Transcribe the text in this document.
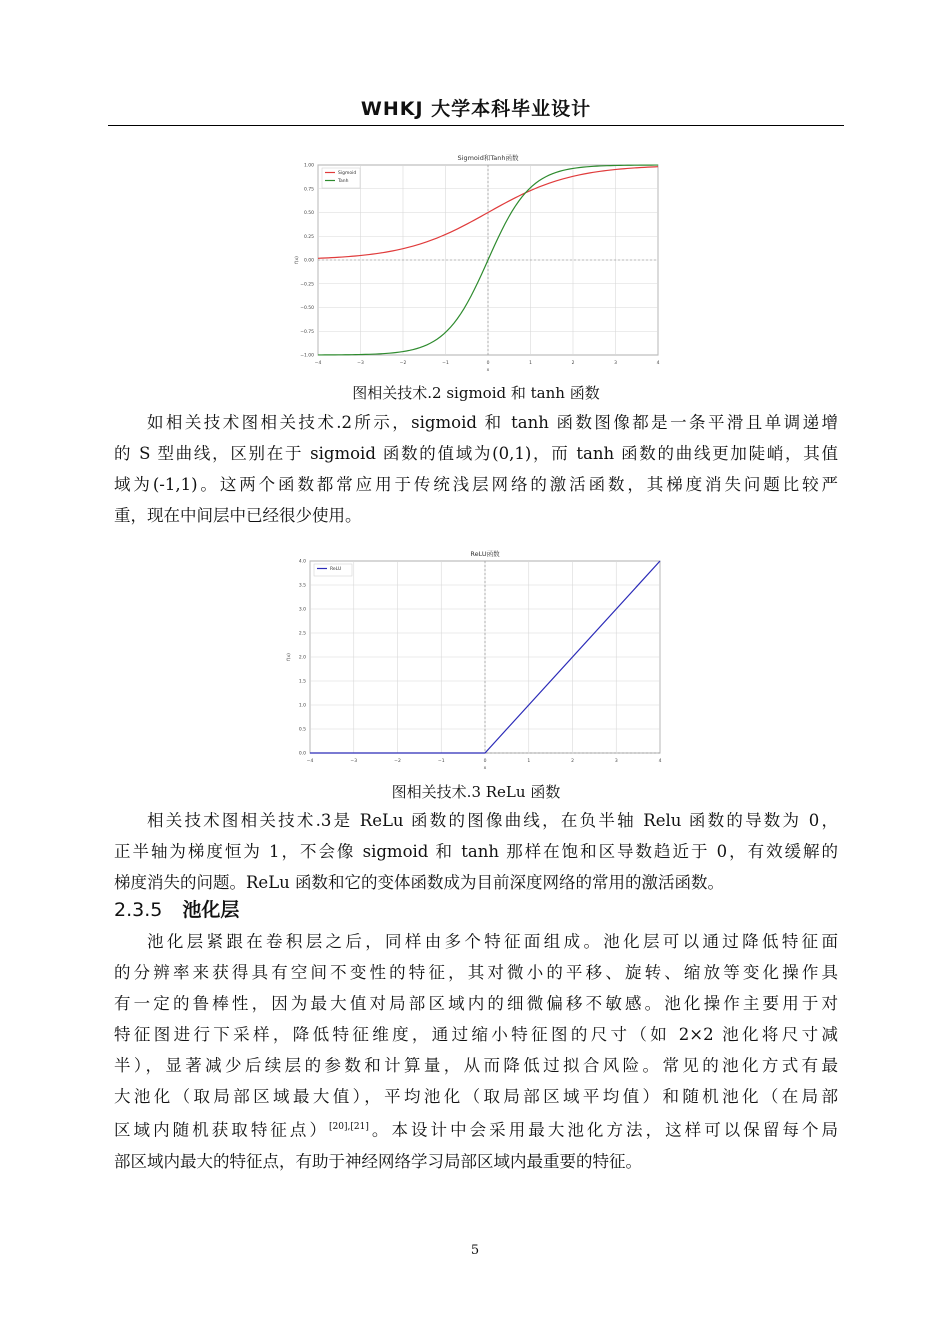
WHKJ 大学本科毕业设计
Sigmoid和Tanh函数
−4	−3	−2	−1	0	1	2	3	4
−1.00
−0.75
−0.50
−0.25
0.00
0.25
0.50
0.75
1.00
x
f(x)
Sigmoid
Tanh
图相关技术.2 sigmoid 和 tanh 函数
如相关技术图相关技术.2所示，sigmoid 和 tanh 函数图像都是一条平滑且单调递增
的 S 型曲线，区别在于 sigmoid 函数的值域为(0,1)，而 tanh 函数的曲线更加陡峭，其值
域为(-1,1)。这两个函数都常应用于传统浅层网络的激活函数，其梯度消失问题比较严
重，现在中间层中已经很少使用。
ReLU函数
−4	−3	−2	−1	0	1	2	3	4
0.0
0.5
1.0
1.5
2.0
2.5
3.0
3.5
4.0
x
f(x)
ReLU
图相关技术.3 ReLu 函数
相关技术图相关技术.3是 ReLu 函数的图像曲线，在负半轴 Relu 函数的导数为 0，
正半轴为梯度恒为 1，不会像 sigmoid 和 tanh 那样在饱和区导数趋近于 0，有效缓解的
梯度消失的问题。ReLu 函数和它的变体函数成为目前深度网络的常用的激活函数。
2.3.5 池化层
池化层紧跟在卷积层之后，同样由多个特征面组成。池化层可以通过降低特征面
的分辨率来获得具有空间不变性的特征，其对微小的平移、旋转、缩放等变化操作具
有一定的鲁棒性，因为最大值对局部区域内的细微偏移不敏感。池化操作主要用于对
特征图进行下采样，降低特征维度，通过缩小特征图的尺寸（如 2×2 池化将尺寸减
半），显著减少后续层的参数和计算量，从而降低过拟合风险。常见的池化方式有最
大池化（取局部区域最大值），平均池化（取局部区域平均值）和随机池化（在局部
区域内随机获取特征点）[20],[21]。本设计中会采用最大池化方法，这样可以保留每个局
部区域内最大的特征点，有助于神经网络学习局部区域内最重要的特征。
5
